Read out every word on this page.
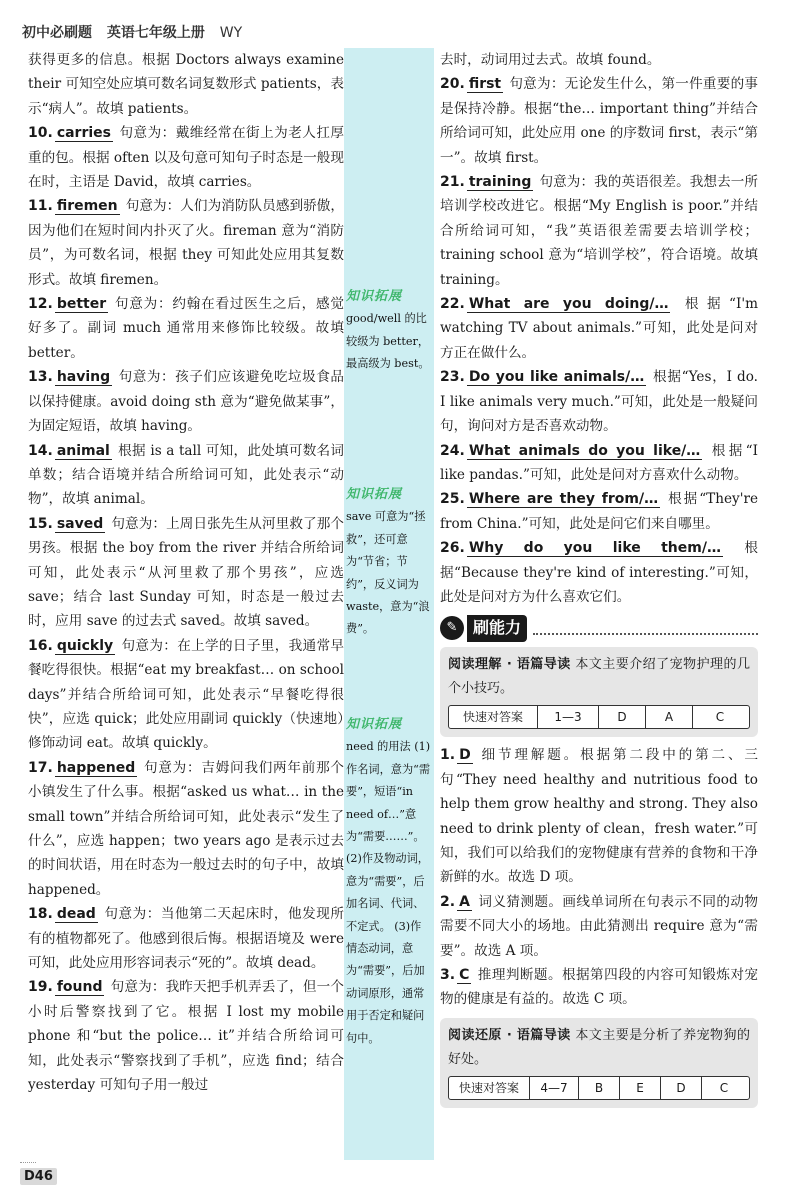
初中必刷题 英语七年级上册 WY
获得更多的信息。根据 Doctors always examine their 可知空处应填可数名词复数形式 patients，表示“病人”。故填 patients。
10. carries 句意为：戴维经常在街上为老人扛厚重的包。根据 often 以及句意可知句子时态是一般现在时，主语是 David，故填 carries。
11. firemen 句意为：人们为消防队员感到骄傲，因为他们在短时间内扑灭了火。fireman 意为“消防员”，为可数名词，根据 they 可知此处应用其复数形式。故填 firemen。
12. better 句意为：约翰在看过医生之后，感觉好多了。副词 much 通常用来修饰比较级。故填 better。
13. having 句意为：孩子们应该避免吃垃圾食品以保持健康。avoid doing sth 意为“避免做某事”，为固定短语，故填 having。
14. animal 根据 is a tall 可知，此处填可数名词单数；结合语境并结合所给词可知，此处表示“动物”，故填 animal。
15. saved 句意为：上周日张先生从河里救了那个男孩。根据 the boy from the river 并结合所给词可知，此处表示“从河里救了那个男孩”，应选 save；结合 last Sunday 可知，时态是一般过去时，应用 save 的过去式 saved。故填 saved。
16. quickly 句意为：在上学的日子里，我通常早餐吃得很快。根据“eat my breakfast… on school days”并结合所给词可知，此处表示“早餐吃得很快”，应选 quick；此处应用副词 quickly（快速地）修饰动词 eat。故填 quickly。
17. happened 句意为：吉姆问我们两年前那个小镇发生了什么事。根据“asked us what… in the small town”并结合所给词可知，此处表示“发生了什么”，应选 happen；two years ago 是表示过去的时间状语，用在时态为一般过去时的句子中，故填 happened。
18. dead 句意为：当他第二天起床时，他发现所有的植物都死了。他感到很后悔。根据语境及 were 可知，此处应用形容词表示“死的”。故填 dead。
19. found 句意为：我昨天把手机弄丢了，但一个小时后警察找到了它。根据 I lost my mobile phone 和“but the police… it”并结合所给词可知，此处表示“警察找到了手机”，应选 find；结合 yesterday 可知句子用一般过
知识拓展
good/well 的比较级为 better，最高级为 best。
知识拓展
save 可意为“拯救”，还可意为“节省；节约”，反义词为 waste，意为“浪费”。
知识拓展
need 的用法 (1)作名词，意为“需要”，短语“in need of…”意为“需要……”。 (2)作及物动词，意为“需要”，后加名词、代词、不定式。 (3)作情态动词，意为“需要”，后加动词原形，通常用于否定和疑问句中。
去时，动词用过去式。故填 found。
20. first 句意为：无论发生什么，第一件重要的事是保持冷静。根据“the… important thing”并结合所给词可知，此处应用 one 的序数词 first，表示“第一”。故填 first。
21. training 句意为：我的英语很差。我想去一所培训学校改进它。根据“My English is poor.”并结合所给词可知，“我”英语很差需要去培训学校；training school 意为“培训学校”，符合语境。故填 training。
22. What are you doing/… 根据“I'm watching TV about animals.”可知，此处是问对方正在做什么。
23. Do you like animals/… 根据“Yes，I do. I like animals very much.”可知，此处是一般疑问句，询问对方是否喜欢动物。
24. What animals do you like/… 根据“I like pandas.”可知，此处是问对方喜欢什么动物。
25. Where are they from/… 根据“They're from China.”可知，此处是问它们来自哪里。
26. Why do you like them/… 根据“Because they're kind of interesting.”可知，此处是问对方为什么喜欢它们。
✎ 刷能力
阅读理解 · 语篇导读 本文主要介绍了宠物护理的几个小技巧。
快速对答案	1—3	D	A	C
1. D 细节理解题。根据第二段中的第二、三句“They need healthy and nutritious food to help them grow healthy and strong. They also need to drink plenty of clean，fresh water.”可知，我们可以给我们的宠物健康有营养的食物和干净新鲜的水。故选 D 项。
2. A 词义猜测题。画线单词所在句表示不同的动物需要不同大小的场地。由此猜测出 require 意为“需要”。故选 A 项。
3. C 推理判断题。根据第四段的内容可知锻炼对宠物的健康是有益的。故选 C 项。
阅读还原 · 语篇导读 本文主要是分析了养宠物狗的好处。
快速对答案	4—7	B	E	D	C
D46
